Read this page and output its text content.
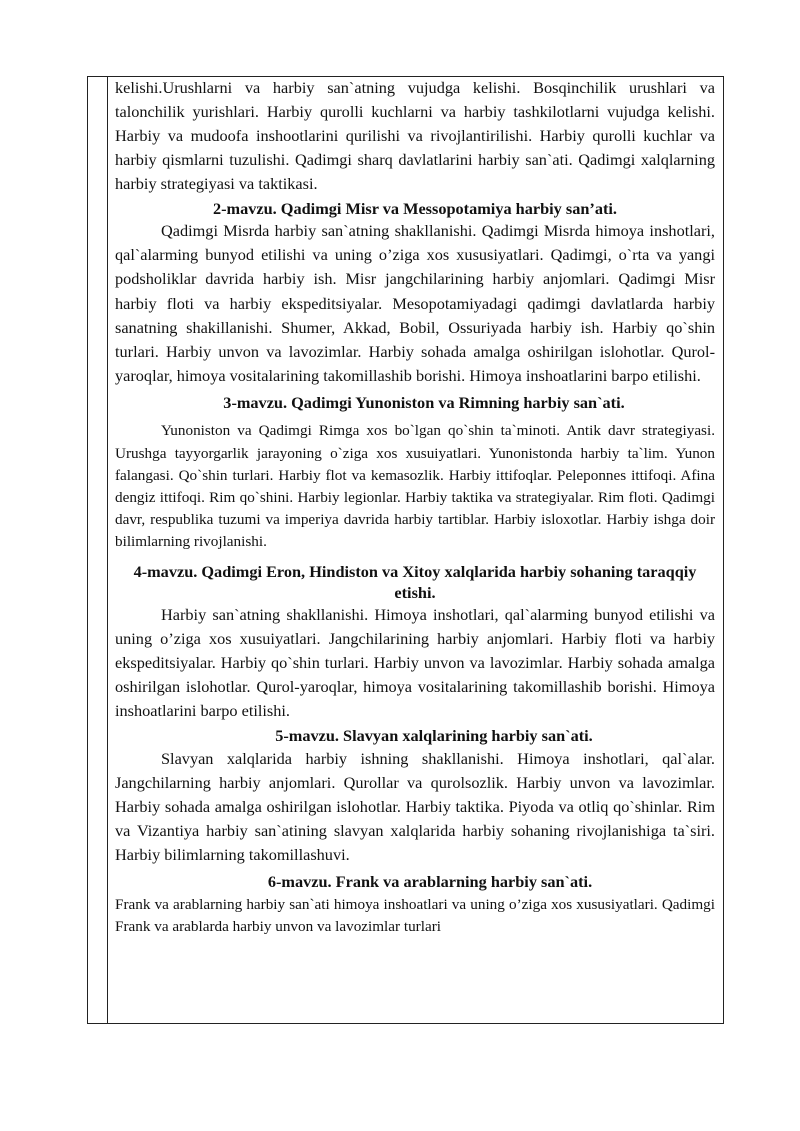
kelishi.Urushlarni va harbiy san`atning vujudga kelishi. Bosqinchilik urushlari va talonchilik yurishlari. Harbiy qurolli kuchlarni va harbiy tashkilotlarni vujudga kelishi. Harbiy va mudoofa inshootlarini qurilishi va rivojlantirilishi. Harbiy qurolli kuchlar va harbiy qismlarni tuzulishi. Qadimgi sharq davlatlarini harbiy san`ati. Qadimgi xalqlarning harbiy strategiyasi va taktikasi.

2-mavzu. Qadimgi Misr va Messopotamiya harbiy san’ati.

Qadimgi Misrda harbiy san`atning shakllanishi. Qadimgi Misrda himoya inshotlari, qal`alarming bunyod etilishi va uning o’ziga xos xususiyatlari. Qadimgi, o`rta va yangi podsholiklar davrida harbiy ish. Misr jangchilarining harbiy anjomlari. Qadimgi Misr harbiy floti va harbiy ekspeditsiyalar. Mesopotamiyadagi qadimgi davlatlarda harbiy sanatning shakillanishi. Shumer, Akkad, Bobil, Ossuriyada harbiy ish. Harbiy qo`shin turlari. Harbiy unvon va lavozimlar. Harbiy sohada amalga oshirilgan islohotlar. Qurol-yaroqlar, himoya vositalarining takomillashib borishi. Himoya inshoatlarini barpo etilishi.

3-mavzu. Qadimgi Yunoniston va Rimning harbiy san`ati.

Yunoniston va Qadimgi Rimga xos bo`lgan qo`shin ta`minoti. Antik davr strategiyasi. Urushga tayyorgarlik jarayoning o`ziga xos xusuiyatlari. Yunonistonda harbiy ta`lim. Yunon falangasi. Qo`shin turlari. Harbiy flot va kemasozlik. Harbiy ittifoqlar. Peleponnes ittifoqi. Afina dengiz ittifoqi. Rim qo`shini. Harbiy legionlar. Harbiy taktika va strategiyalar. Rim floti. Qadimgi davr, respublika tuzumi va imperiya davrida harbiy tartiblar. Harbiy isloxotlar. Harbiy ishga doir bilimlarning rivojlanishi.

4-mavzu. Qadimgi Eron, Hindiston va Xitoy xalqlarida harbiy sohaning taraqqiy etishi.

Harbiy san`atning shakllanishi. Himoya inshotlari, qal`alarming bunyod etilishi va uning o’ziga xos xusuiyatlari. Jangchilarining harbiy anjomlari. Harbiy floti va harbiy ekspeditsiyalar. Harbiy qo`shin turlari. Harbiy unvon va lavozimlar. Harbiy sohada amalga oshirilgan islohotlar. Qurol-yaroqlar, himoya vositalarining takomillashib borishi. Himoya inshoatlarini barpo etilishi.

5-mavzu. Slavyan xalqlarining harbiy san`ati.

Slavyan xalqlarida harbiy ishning shakllanishi. Himoya inshotlari, qal`alar. Jangchilarning harbiy anjomlari. Qurollar va qurolsozlik. Harbiy unvon va lavozimlar. Harbiy sohada amalga oshirilgan islohotlar. Harbiy taktika. Piyoda va otliq qo`shinlar. Rim va Vizantiya harbiy san`atining slavyan xalqlarida harbiy sohaning rivojlanishiga ta`siri. Harbiy bilimlarning takomillashuvi.

6-mavzu. Frank va arablarning harbiy san`ati.

Frank va arablarning harbiy san`ati himoya inshoatlari va uning o’ziga xos xususiyatlari. Qadimgi Frank va arablarda harbiy unvon va lavozimlar turlari
